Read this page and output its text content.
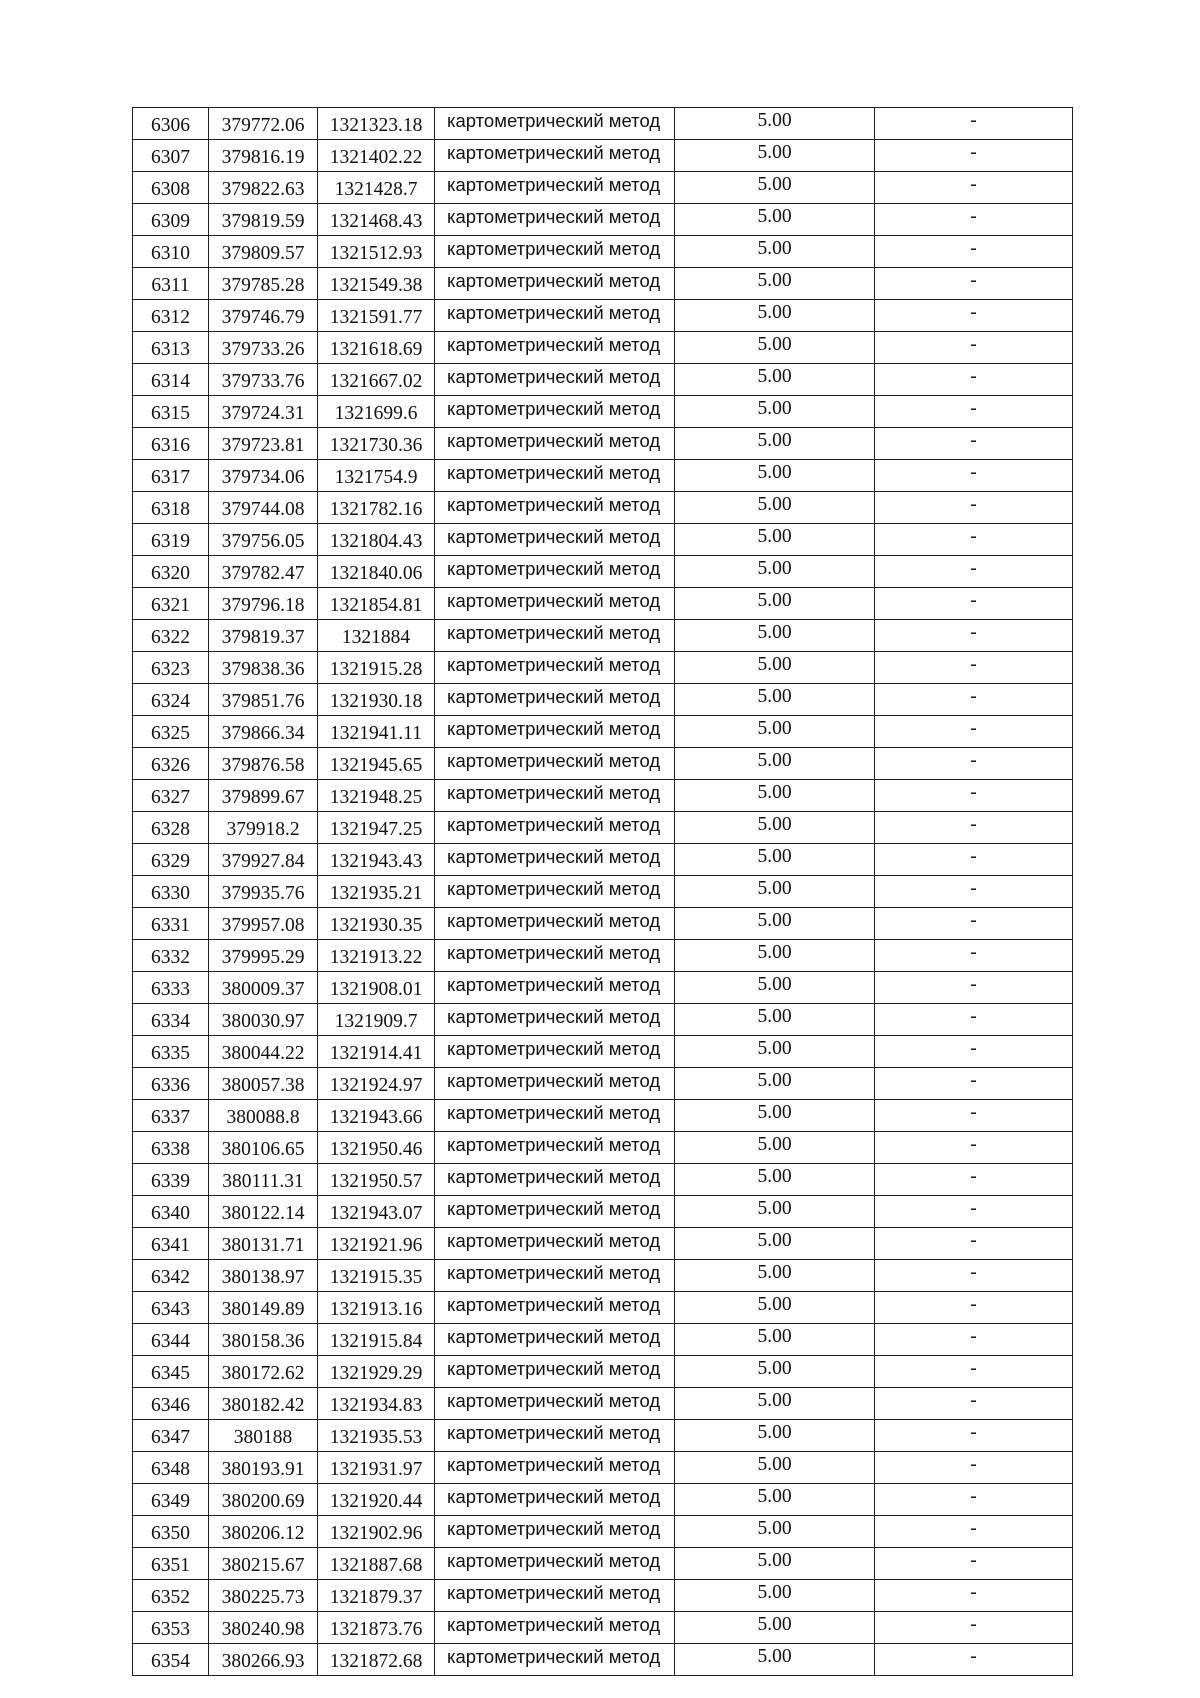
6306	379772.06	1321323.18	картометрический метод	5.00	-
6307	379816.19	1321402.22	картометрический метод	5.00	-
6308	379822.63	1321428.7	картометрический метод	5.00	-
6309	379819.59	1321468.43	картометрический метод	5.00	-
6310	379809.57	1321512.93	картометрический метод	5.00	-
6311	379785.28	1321549.38	картометрический метод	5.00	-
6312	379746.79	1321591.77	картометрический метод	5.00	-
6313	379733.26	1321618.69	картометрический метод	5.00	-
6314	379733.76	1321667.02	картометрический метод	5.00	-
6315	379724.31	1321699.6	картометрический метод	5.00	-
6316	379723.81	1321730.36	картометрический метод	5.00	-
6317	379734.06	1321754.9	картометрический метод	5.00	-
6318	379744.08	1321782.16	картометрический метод	5.00	-
6319	379756.05	1321804.43	картометрический метод	5.00	-
6320	379782.47	1321840.06	картометрический метод	5.00	-
6321	379796.18	1321854.81	картометрический метод	5.00	-
6322	379819.37	1321884	картометрический метод	5.00	-
6323	379838.36	1321915.28	картометрический метод	5.00	-
6324	379851.76	1321930.18	картометрический метод	5.00	-
6325	379866.34	1321941.11	картометрический метод	5.00	-
6326	379876.58	1321945.65	картометрический метод	5.00	-
6327	379899.67	1321948.25	картометрический метод	5.00	-
6328	379918.2	1321947.25	картометрический метод	5.00	-
6329	379927.84	1321943.43	картометрический метод	5.00	-
6330	379935.76	1321935.21	картометрический метод	5.00	-
6331	379957.08	1321930.35	картометрический метод	5.00	-
6332	379995.29	1321913.22	картометрический метод	5.00	-
6333	380009.37	1321908.01	картометрический метод	5.00	-
6334	380030.97	1321909.7	картометрический метод	5.00	-
6335	380044.22	1321914.41	картометрический метод	5.00	-
6336	380057.38	1321924.97	картометрический метод	5.00	-
6337	380088.8	1321943.66	картометрический метод	5.00	-
6338	380106.65	1321950.46	картометрический метод	5.00	-
6339	380111.31	1321950.57	картометрический метод	5.00	-
6340	380122.14	1321943.07	картометрический метод	5.00	-
6341	380131.71	1321921.96	картометрический метод	5.00	-
6342	380138.97	1321915.35	картометрический метод	5.00	-
6343	380149.89	1321913.16	картометрический метод	5.00	-
6344	380158.36	1321915.84	картометрический метод	5.00	-
6345	380172.62	1321929.29	картометрический метод	5.00	-
6346	380182.42	1321934.83	картометрический метод	5.00	-
6347	380188	1321935.53	картометрический метод	5.00	-
6348	380193.91	1321931.97	картометрический метод	5.00	-
6349	380200.69	1321920.44	картометрический метод	5.00	-
6350	380206.12	1321902.96	картометрический метод	5.00	-
6351	380215.67	1321887.68	картометрический метод	5.00	-
6352	380225.73	1321879.37	картометрический метод	5.00	-
6353	380240.98	1321873.76	картометрический метод	5.00	-
6354	380266.93	1321872.68	картометрический метод	5.00	-
